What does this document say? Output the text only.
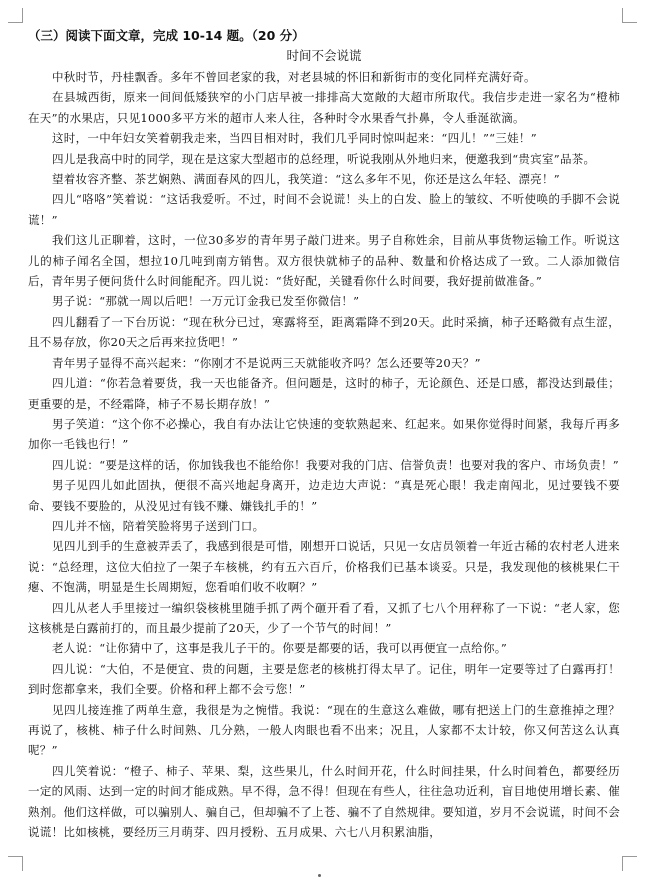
（三）阅读下面文章，完成 10-14 题。（20 分）

时间不会说谎

中秋时节，丹桂飘香。多年不曾回老家的我，对老县城的怀旧和新街市的变化同样充满好奇。

在县城西街，原来一间间低矮狭窄的小门店早被一排排高大宽敞的大超市所取代。我信步走进一家名为“橙柿在天”的水果店，只见1000多平方米的超市人来人往，各种时令水果香气扑鼻，令人垂涎欲滴。

这时，一中年妇女笑着朝我走来，当四目相对时，我们几乎同时惊叫起来：“四儿！”“三娃！”

四儿是我高中时的同学，现在是这家大型超市的总经理，听说我刚从外地归来，便邀我到“贵宾室”品茶。

望着妆容齐整、茶艺娴熟、满面春风的四儿，我笑道：“这么多年不见，你还是这么年轻、漂亮！”

四儿“咯咯”笑着说：“这话我爱听。不过，时间不会说谎！头上的白发、脸上的皱纹、不听使唤的手脚不会说谎！”

我们这儿正聊着，这时，一位30多岁的青年男子敲门进来。男子自称姓余，目前从事货物运输工作。听说这儿的柿子闻名全国，想拉10几吨到南方销售。双方很快就柿子的品种、数量和价格达成了一致。二人添加微信后，青年男子便问货什么时间能配齐。四儿说：“货好配，关键看你什么时间要，我好提前做准备。”

男子说：“那就一周以后吧！一万元订金我已发至你微信！”

四儿翻看了一下台历说：“现在秋分已过，寒露将至，距离霜降不到20天。此时采摘，柿子还略微有点生涩，且不易存放，你20天之后再来拉货吧！”

青年男子显得不高兴起来：“你刚才不是说两三天就能收齐吗？怎么还要等20天？”

四儿道：“你若急着要货，我一天也能备齐。但问题是，这时的柿子，无论颜色、还是口感，都没达到最佳；更重要的是，不经霜降，柿子不易长期存放！”

男子笑道：“这个你不必操心，我自有办法让它快速的变软熟起来、红起来。如果你觉得时间紧，我每斤再多加你一毛钱也行！”

四儿说：“要是这样的话，你加钱我也不能给你！我要对我的门店、信誉负责！也要对我的客户、市场负责！”

男子见四儿如此固执，便很不高兴地起身离开，边走边大声说：“真是死心眼！我走南闯北，见过要钱不要命、要钱不要脸的，从没见过有钱不赚、嫌钱扎手的！”

四儿并不恼，陪着笑脸将男子送到门口。

见四儿到手的生意被弄丢了，我感到很是可惜，刚想开口说话，只见一女店员领着一年近古稀的农村老人进来说：“总经理，这位大伯拉了一架子车核桃，约有五六百斤，价格我们已基本谈妥。只是，我发现他的核桃果仁干瘪、不饱满，明显是生长周期短，您看咱们收不收啊？”

四儿从老人手里接过一编织袋核桃里随手抓了两个砸开看了看，又抓了七八个用秤称了一下说：“老人家，您这核桃是白露前打的，而且最少提前了20天，少了一个节气的时间！”

老人说：“让你猜中了，这事是我儿子干的。你要是都要的话，我可以再便宜一点给你。”

四儿说：“大伯，不是便宜、贵的问题，主要是您老的核桃打得太早了。记住，明年一定要等过了白露再打！到时您都拿来，我们全要。价格和秤上都不会亏您！”

见四儿接连推了两单生意，我很是为之惋惜。我说：“现在的生意这么难做，哪有把送上门的生意推掉之理？再说了，核桃、柿子什么时间熟、几分熟，一般人肉眼也看不出来；况且，人家都不太计较，你又何苦这么认真呢？”

四儿笑着说：“橙子、柿子、苹果、梨，这些果儿，什么时间开花，什么时间挂果，什么时间着色，都要经历一定的风雨、达到一定的时间才能成熟。早不得，急不得！但现在有些人，往往急功近利，盲目地使用增长素、催熟剂。他们这样做，可以骗别人、骗自己，但却骗不了上苍、骗不了自然规律。要知道，岁月不会说谎，时间不会说谎！比如核桃，要经历三月萌芽、四月授粉、五月成果、六七八月积累油脂，
